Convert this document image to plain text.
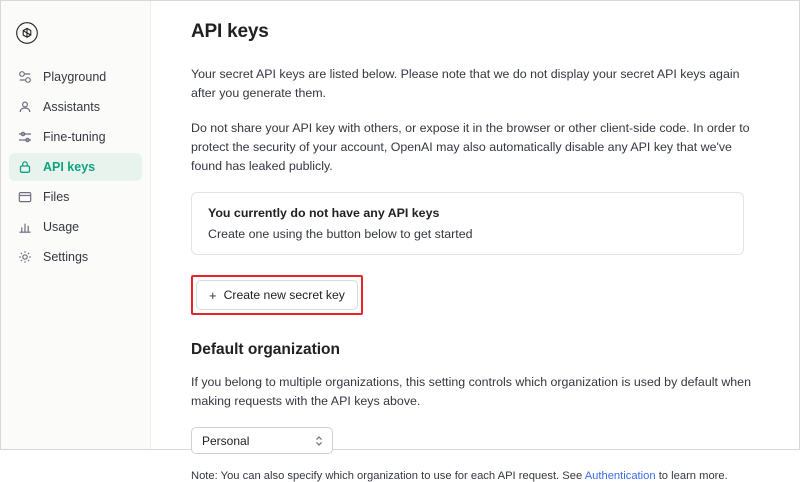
Playground
Assistants
Fine-tuning
API keys
Files
Usage
Settings
API keys

Your secret API keys are listed below. Please note that we do not display your secret API keys again after you generate them.

Do not share your API key with others, or expose it in the browser or other client-side code. In order to protect the security of your account, OpenAI may also automatically disable any API key that we've found has leaked publicly.

You currently do not have any API keys
Create one using the button below to get started
+ Create new secret key
Default organization

If you belong to multiple organizations, this setting controls which organization is used by default when making requests with the API keys above.

Personal

Note: You can also specify which organization to use for each API request. See Authentication to learn more.
